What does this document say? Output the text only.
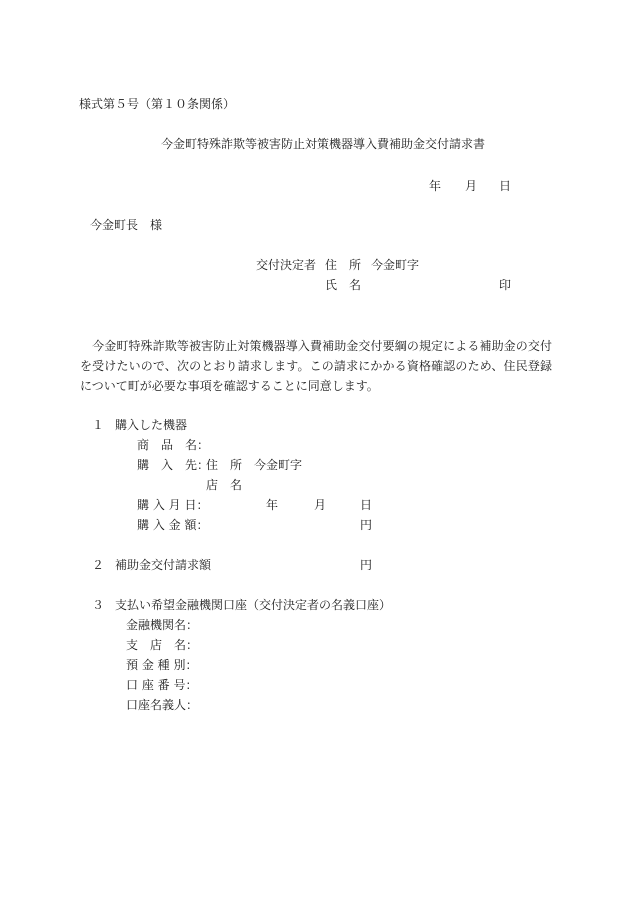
様式第５号（第１０条関係）
今金町特殊詐欺等被害防止対策機器導入費補助金交付請求書
年 月 日
今金町長　様
交付決定者 住　所 今金町字
氏　名	印
今金町特殊詐欺等被害防止対策機器導入費補助金交付要綱の規定による補助金の交付を受けたいので、次のとおり請求します。この請求にかかる資格確認のため、住民登録について町が必要な事項を確認することに同意します。
１ 購入した機器
商　品　名：
購　入　先：
住　所　今金町字
店　名
購 入 月 日：	年	月	日
購 入 金 額：	円
２ 補助金交付請求額	円
３ 支払い希望金融機関口座（交付決定者の名義口座）
金融機関名：
支　店　名：
預 金 種 別：
口 座 番 号：
口座名義人：
